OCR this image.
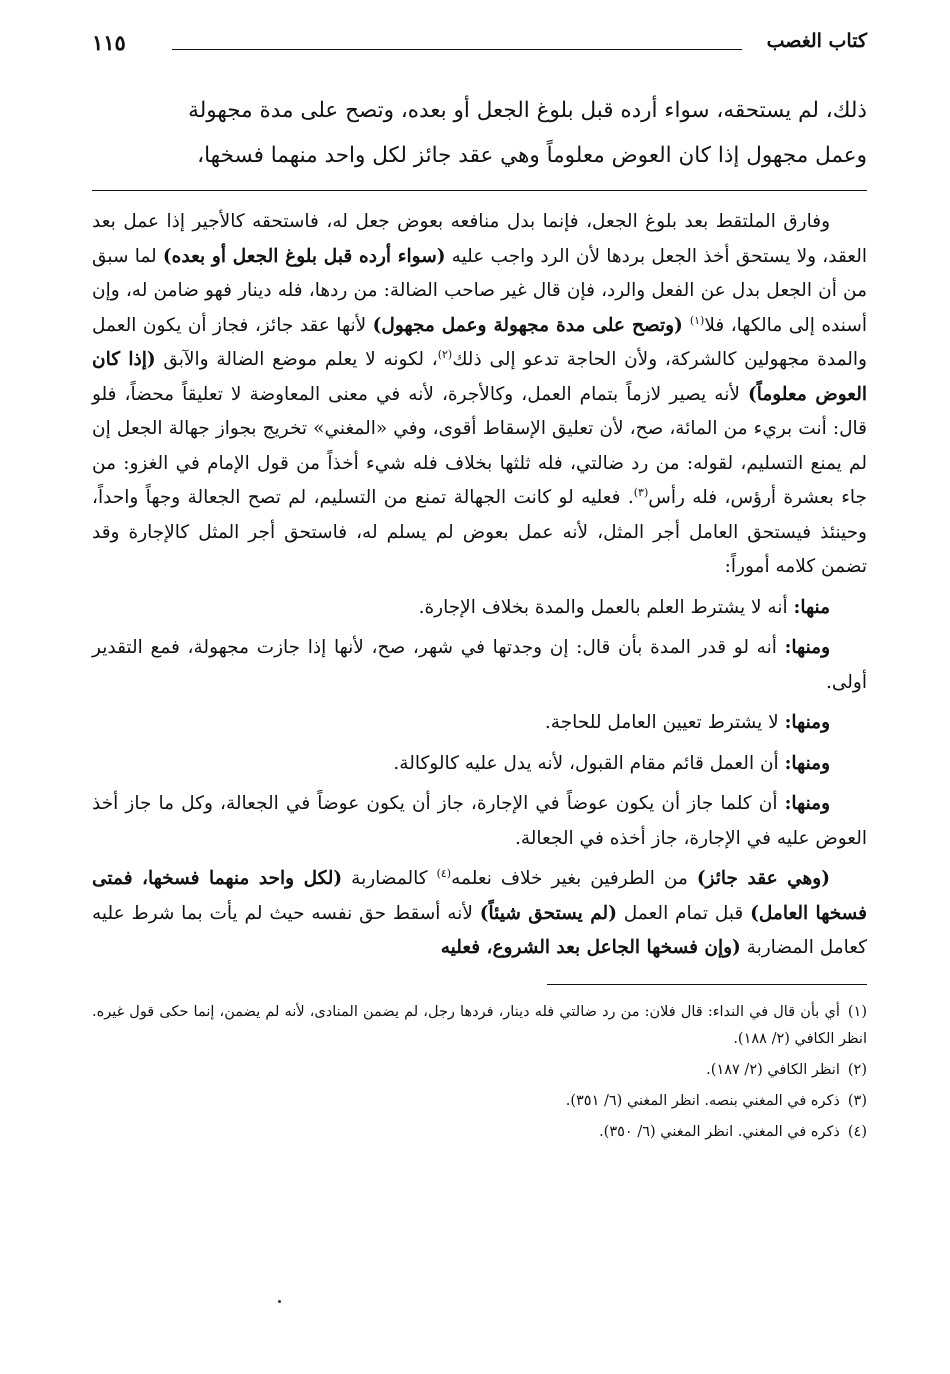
كتاب الغصب
١١٥

ذلك، لم يستحقه، سواء أرده قبل بلوغ الجعل أو بعده، وتصح على مدة مجهولة

وعمل مجهول إذا كان العوض معلوماً وهي عقد جائز لكل واحد منهما فسخها،

وفارق الملتقط بعد بلوغ الجعل، فإنما بدل منافعه بعوض جعل له، فاستحقه كالأجير إذا عمل بعد العقد، ولا يستحق أخذ الجعل بردها لأن الرد واجب عليه (سواء أرده قبل بلوغ الجعل أو بعده) لما سبق من أن الجعل بدل عن الفعل والرد، فإن قال غير صاحب الضالة: من ردها، فله دينار فهو ضامن له، وإن أسنده إلى مالكها، فلا$^{(١)}$ (وتصح على مدة مجهولة وعمل مجهول) لأنها عقد جائز، فجاز أن يكون العمل والمدة مجهولين كالشركة، ولأن الحاجة تدعو إلى ذلك$^{(٢)}$، لكونه لا يعلم موضع الضالة والآبق (إذا كان العوض معلوماً) لأنه يصير لازماً بتمام العمل، وكالأجرة، لأنه في معنى المعاوضة لا تعليقاً محضاً، فلو قال: أنت بريء من المائة، صح، لأن تعليق الإسقاط أقوى، وفي «المغني» تخريج بجواز جهالة الجعل إن لم يمنع التسليم، لقوله: من رد ضالتي، فله ثلثها بخلاف فله شيء أخذاً من قول الإمام في الغزو: من جاء بعشرة أرؤس، فله رأس$^{(٣)}$. فعليه لو كانت الجهالة تمنع من التسليم، لم تصح الجعالة وجهاً واحداً، وحينئذ فيستحق العامل أجر المثل، لأنه عمل بعوض لم يسلم له، فاستحق أجر المثل كالإجارة وقد تضمن كلامه أموراً:

منها: أنه لا يشترط العلم بالعمل والمدة بخلاف الإجارة.

ومنها: أنه لو قدر المدة بأن قال: إن وجدتها في شهر، صح، لأنها إذا جازت مجهولة، فمع التقدير أولى.

ومنها: لا يشترط تعيين العامل للحاجة.

ومنها: أن العمل قائم مقام القبول، لأنه يدل عليه كالوكالة.

ومنها: أن كلما جاز أن يكون عوضاً في الإجارة، جاز أن يكون عوضاً في الجعالة، وكل ما جاز أخذ العوض عليه في الإجارة، جاز أخذه في الجعالة.

(وهي عقد جائز) من الطرفين بغير خلاف نعلمه$^{(٤)}$ كالمضاربة (لكل واحد منهما فسخها، فمتى فسخها العامل) قبل تمام العمل (لم يستحق شيئاً) لأنه أسقط حق نفسه حيث لم يأت بما شرط عليه كعامل المضاربة (وإن فسخها الجاعل بعد الشروع، فعليه

(١)أي بأن قال في النداء: قال فلان: من رد ضالتي فله دينار، فردها رجل، لم يضمن المنادى، لأنه لم يضمن، إنما حكى قول غيره. انظر الكافي (٢/ ١٨٨).

(٢)انظر الكافي (٢/ ١٨٧).

(٣)ذكره في المغني بنصه. انظر المغني (٦/ ٣٥١).

(٤)ذكره في المغني. انظر المغني (٦/ ٣٥٠).
